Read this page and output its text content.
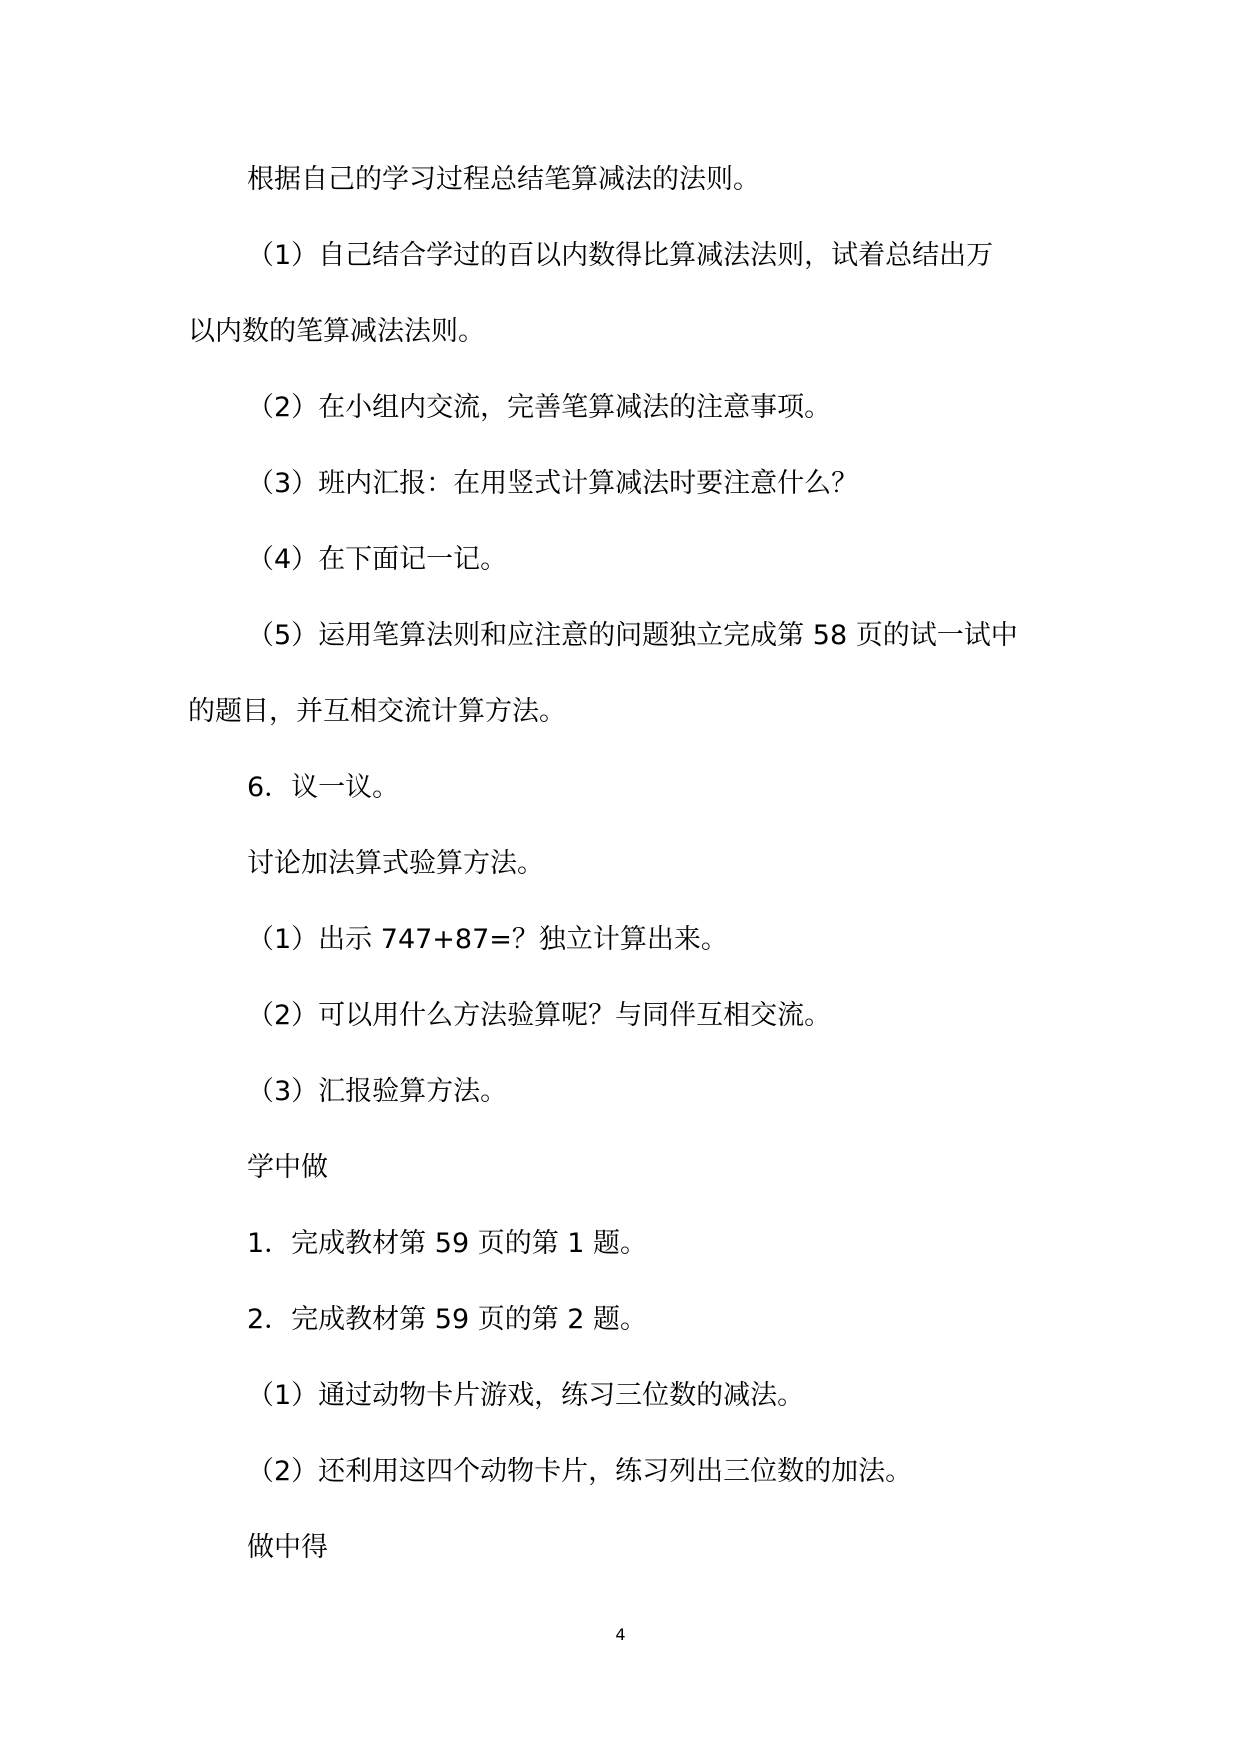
根据自己的学习过程总结笔算减法的法则。

（1）自己结合学过的百以内数得比算减法法则，试着总结出万

以内数的笔算减法法则。

（2）在小组内交流，完善笔算减法的注意事项。

（3）班内汇报：在用竖式计算减法时要注意什么？

（4）在下面记一记。

（5）运用笔算法则和应注意的问题独立完成第 58 页的试一试中

的题目，并互相交流计算方法。

6．议一议。

讨论加法算式验算方法。

（1）出示 747+87=？独立计算出来。

（2）可以用什么方法验算呢？与同伴互相交流。

（3）汇报验算方法。

学中做

1．完成教材第 59 页的第 1 题。

2．完成教材第 59 页的第 2 题。

（1）通过动物卡片游戏，练习三位数的减法。

（2）还利用这四个动物卡片，练习列出三位数的加法。

做中得

4
